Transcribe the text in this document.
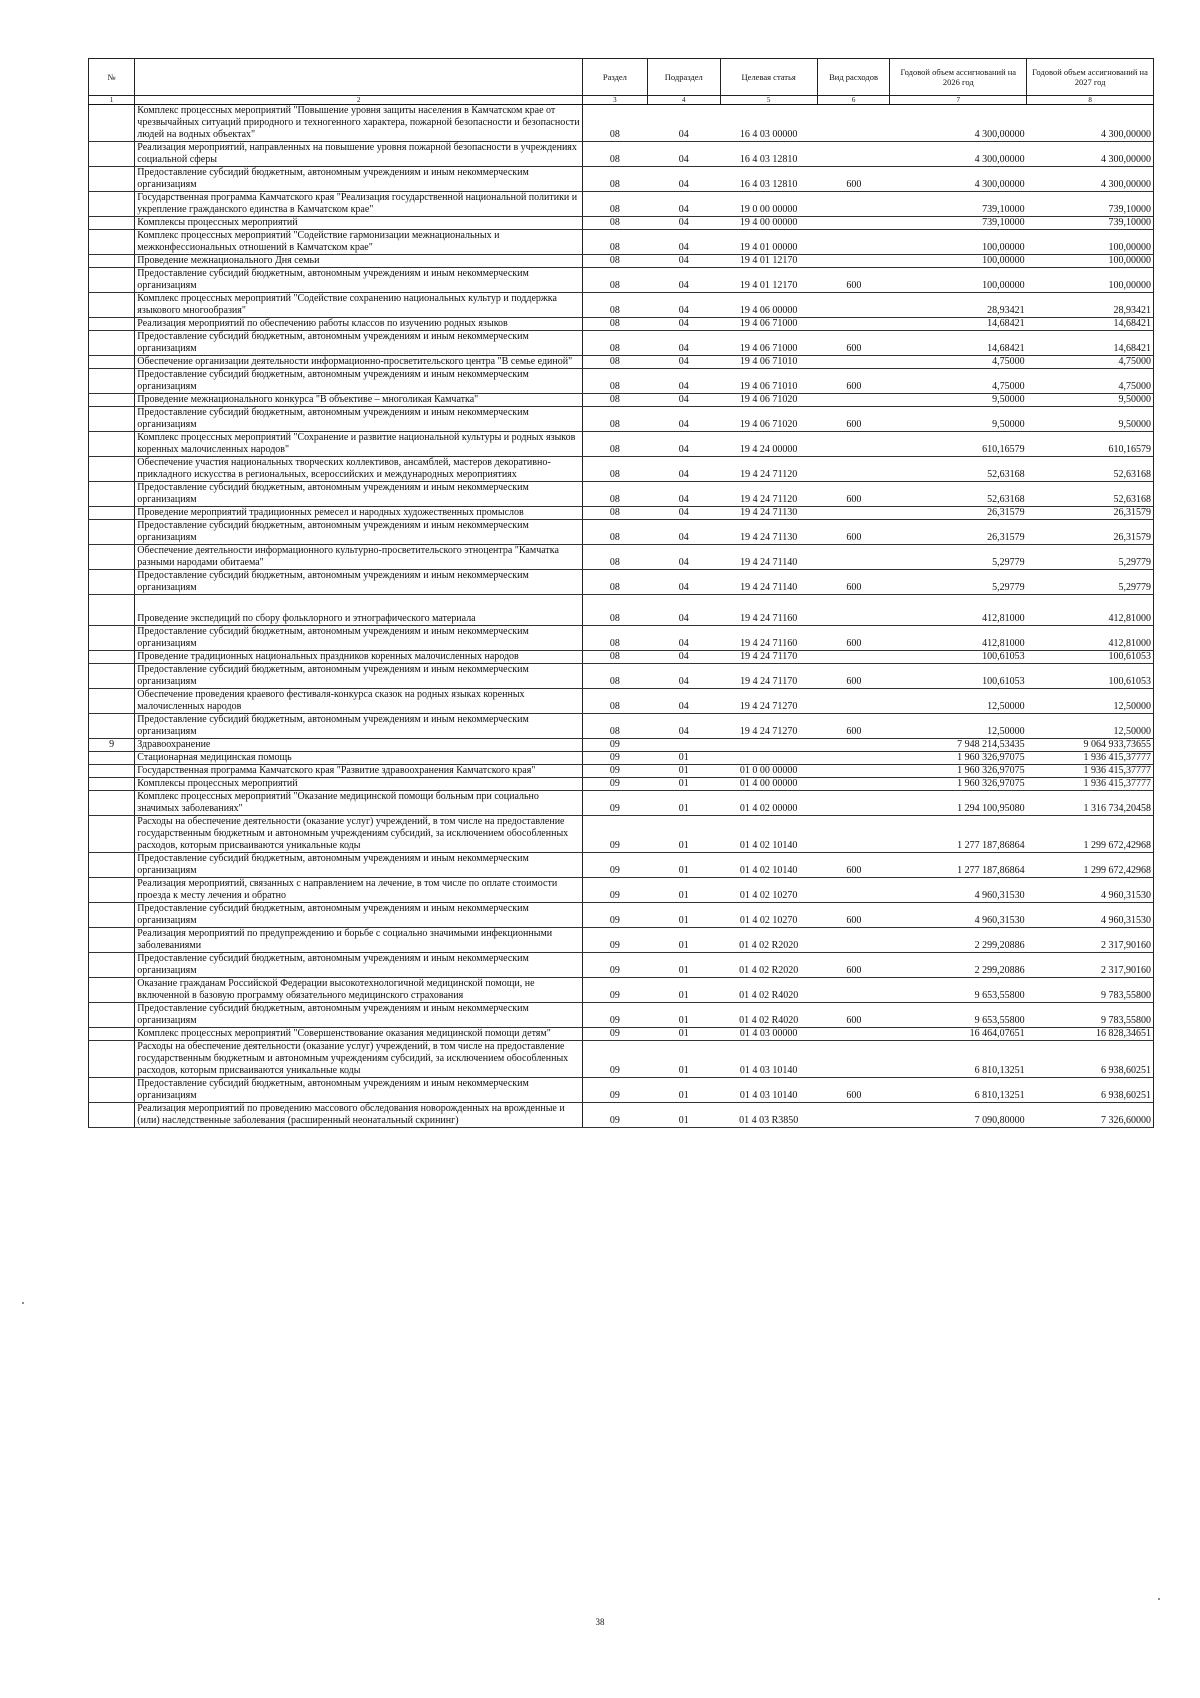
№		Раздел	Подраздел	Целевая статья	Вид расходов	Годовой объем ассигнований на 2026 год	Годовой объем ассигнований на 2027 год
1	2	3	4	5	6	7	8
	Комплекс процессных мероприятий "Повышение уровня защиты населения в Камчатском крае от чрезвычайных ситуаций природного и техногенного характера, пожарной безопасности и безопасности людей на водных объектах"	08	04	16 4 03 00000		4 300,00000	4 300,00000
	Реализация мероприятий, направленных на повышение уровня пожарной безопасности в учреждениях социальной сферы	08	04	16 4 03 12810		4 300,00000	4 300,00000
	Предоставление субсидий бюджетным, автономным учреждениям и иным некоммерческим организациям	08	04	16 4 03 12810	600	4 300,00000	4 300,00000
	Государственная программа Камчатского края "Реализация государственной национальной политики и укрепление гражданского единства в Камчатском крае"	08	04	19 0 00 00000		739,10000	739,10000
	Комплексы процессных мероприятий	08	04	19 4 00 00000		739,10000	739,10000
	Комплекс процессных мероприятий "Содействие гармонизации межнациональных и межконфессиональных отношений в Камчатском крае"	08	04	19 4 01 00000		100,00000	100,00000
	Проведение межнационального Дня семьи	08	04	19 4 01 12170		100,00000	100,00000
	Предоставление субсидий бюджетным, автономным учреждениям и иным некоммерческим организациям	08	04	19 4 01 12170	600	100,00000	100,00000
	Комплекс процессных мероприятий "Содействие сохранению национальных культур и поддержка языкового многообразия"	08	04	19 4 06 00000		28,93421	28,93421
	Реализация мероприятий по обеспечению работы классов по изучению родных языков	08	04	19 4 06 71000		14,68421	14,68421
	Предоставление субсидий бюджетным, автономным учреждениям и иным некоммерческим организациям	08	04	19 4 06 71000	600	14,68421	14,68421
	Обеспечение организации деятельности информационно-просветительского центра "В семье единой"	08	04	19 4 06 71010		4,75000	4,75000
	Предоставление субсидий бюджетным, автономным учреждениям и иным некоммерческим организациям	08	04	19 4 06 71010	600	4,75000	4,75000
	Проведение межнационального конкурса "В объективе – многоликая Камчатка"	08	04	19 4 06 71020		9,50000	9,50000
	Предоставление субсидий бюджетным, автономным учреждениям и иным некоммерческим организациям	08	04	19 4 06 71020	600	9,50000	9,50000
	Комплекс процессных мероприятий "Сохранение и развитие национальной культуры и родных языков коренных малочисленных народов"	08	04	19 4 24 00000		610,16579	610,16579
	Обеспечение участия национальных творческих коллективов, ансамблей, мастеров декоративно-прикладного искусства в региональных, всероссийских и международных мероприятиях	08	04	19 4 24 71120		52,63168	52,63168
	Предоставление субсидий бюджетным, автономным учреждениям и иным некоммерческим организациям	08	04	19 4 24 71120	600	52,63168	52,63168
	Проведение мероприятий традиционных ремесел и народных художественных промыслов	08	04	19 4 24 71130		26,31579	26,31579
	Предоставление субсидий бюджетным, автономным учреждениям и иным некоммерческим организациям	08	04	19 4 24 71130	600	26,31579	26,31579
	Обеспечение деятельности информационного культурно-просветительского этноцентра "Камчатка разными народами обитаема"	08	04	19 4 24 71140		5,29779	5,29779
	Предоставление субсидий бюджетным, автономным учреждениям и иным некоммерческим организациям	08	04	19 4 24 71140	600	5,29779	5,29779

	Проведение экспедиций по сбору фольклорного и этнографического материала	08	04	19 4 24 71160		412,81000	412,81000
	Предоставление субсидий бюджетным, автономным учреждениям и иным некоммерческим организациям	08	04	19 4 24 71160	600	412,81000	412,81000
	Проведение традиционных национальных праздников коренных малочисленных народов	08	04	19 4 24 71170		100,61053	100,61053
	Предоставление субсидий бюджетным, автономным учреждениям и иным некоммерческим организациям	08	04	19 4 24 71170	600	100,61053	100,61053
	Обеспечение проведения краевого фестиваля-конкурса сказок на родных языках коренных малочисленных народов	08	04	19 4 24 71270		12,50000	12,50000
	Предоставление субсидий бюджетным, автономным учреждениям и иным некоммерческим организациям	08	04	19 4 24 71270	600	12,50000	12,50000
9	Здравоохранение	09				7 948 214,53435	9 064 933,73655
	Стационарная медицинская помощь	09	01			1 960 326,97075	1 936 415,37777
	Государственная программа Камчатского края "Развитие здравоохранения Камчатского края"	09	01	01 0 00 00000		1 960 326,97075	1 936 415,37777
	Комплексы процессных мероприятий	09	01	01 4 00 00000		1 960 326,97075	1 936 415,37777
	Комплекс процессных мероприятий "Оказание медицинской помощи больным при социально значимых заболеваниях"	09	01	01 4 02 00000		1 294 100,95080	1 316 734,20458
	Расходы на обеспечение деятельности (оказание услуг) учреждений, в том числе на предоставление государственным бюджетным и автономным учреждениям субсидий, за исключением обособленных расходов, которым присваиваются уникальные коды	09	01	01 4 02 10140		1 277 187,86864	1 299 672,42968
	Предоставление субсидий бюджетным, автономным учреждениям и иным некоммерческим организациям	09	01	01 4 02 10140	600	1 277 187,86864	1 299 672,42968
	Реализация мероприятий, связанных с направлением на лечение, в том числе по оплате стоимости проезда к месту лечения и обратно	09	01	01 4 02 10270		4 960,31530	4 960,31530
	Предоставление субсидий бюджетным, автономным учреждениям и иным некоммерческим организациям	09	01	01 4 02 10270	600	4 960,31530	4 960,31530
	Реализация мероприятий по предупреждению и борьбе с социально значимыми инфекционными заболеваниями	09	01	01 4 02 R2020		2 299,20886	2 317,90160
	Предоставление субсидий бюджетным, автономным учреждениям и иным некоммерческим организациям	09	01	01 4 02 R2020	600	2 299,20886	2 317,90160
	Оказание гражданам Российской Федерации высокотехнологичной медицинской помощи, не включенной в базовую программу обязательного медицинского страхования	09	01	01 4 02 R4020		9 653,55800	9 783,55800
	Предоставление субсидий бюджетным, автономным учреждениям и иным некоммерческим организациям	09	01	01 4 02 R4020	600	9 653,55800	9 783,55800
	Комплекс процессных мероприятий "Совершенствование оказания медицинской помощи детям"	09	01	01 4 03 00000		16 464,07651	16 828,34651
	Расходы на обеспечение деятельности (оказание услуг) учреждений, в том числе на предоставление государственным бюджетным и автономным учреждениям субсидий, за исключением обособленных расходов, которым присваиваются уникальные коды	09	01	01 4 03 10140		6 810,13251	6 938,60251
	Предоставление субсидий бюджетным, автономным учреждениям и иным некоммерческим организациям	09	01	01 4 03 10140	600	6 810,13251	6 938,60251
	Реализация мероприятий по проведению массового обследования новорожденных на врожденные и (или) наследственные заболевания (расширенный неонатальный скрининг)	09	01	01 4 03 R3850		7 090,80000	7 326,60000
38
